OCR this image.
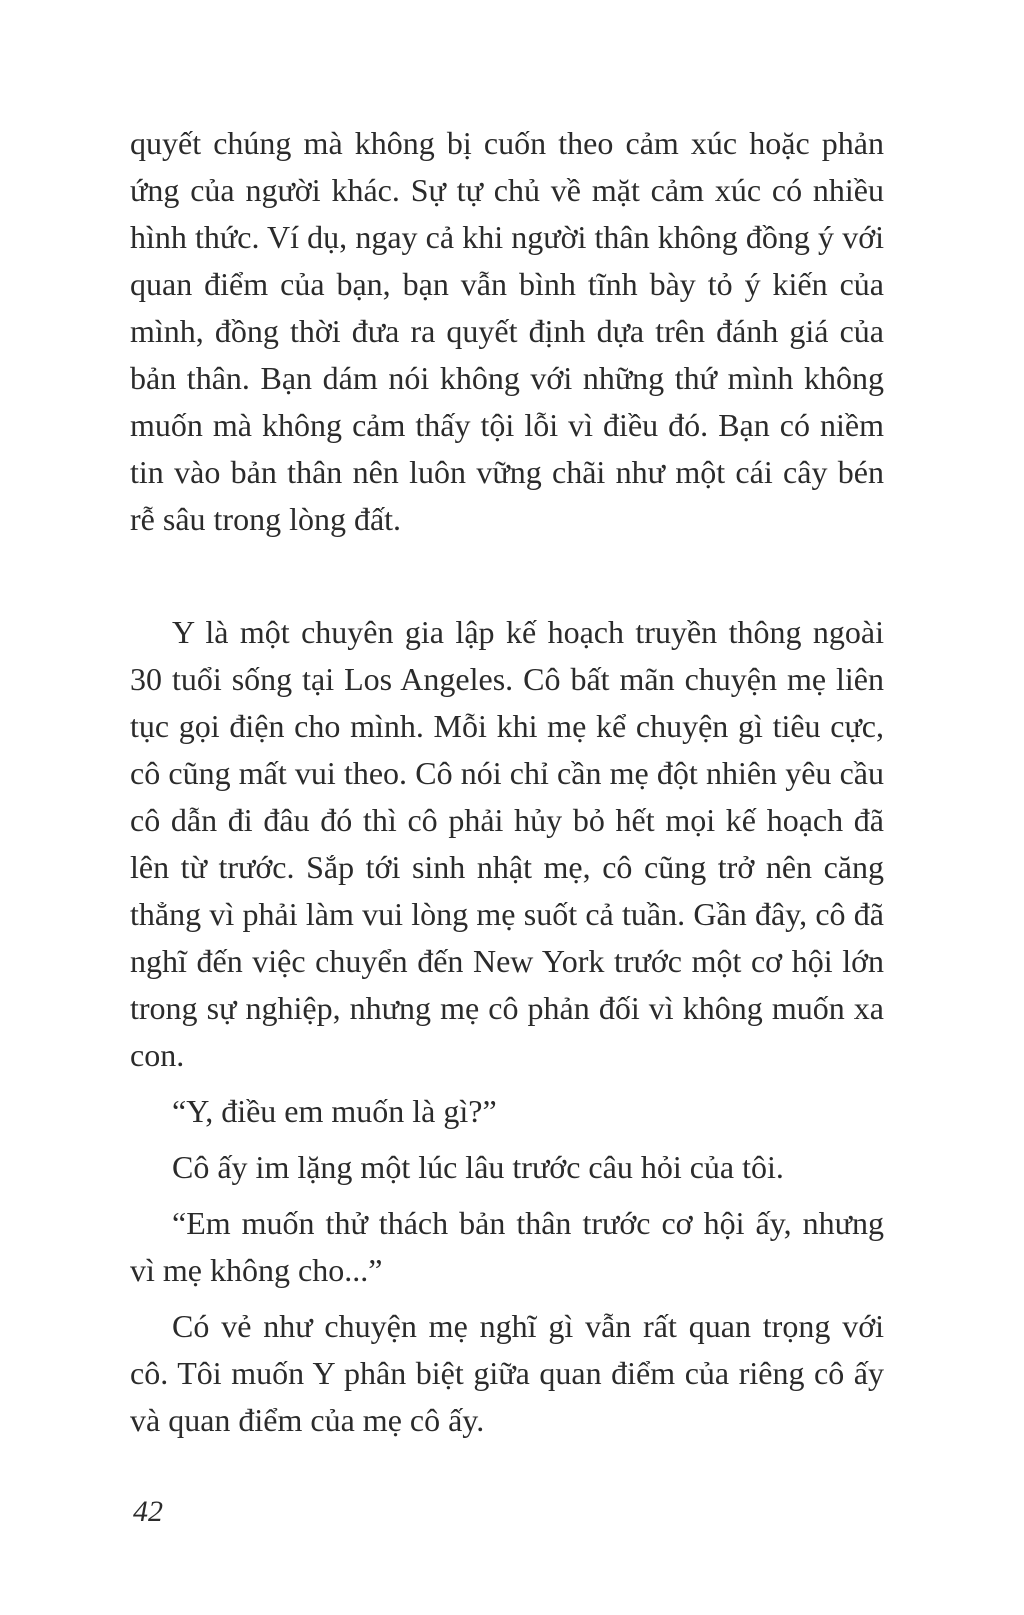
quyết chúng mà không bị cuốn theo cảm xúc hoặc phản ứng của người khác. Sự tự chủ về mặt cảm xúc có nhiều hình thức. Ví dụ, ngay cả khi người thân không đồng ý với quan điểm của bạn, bạn vẫn bình tĩnh bày tỏ ý kiến của mình, đồng thời đưa ra quyết định dựa trên đánh giá của bản thân. Bạn dám nói không với những thứ mình không muốn mà không cảm thấy tội lỗi vì điều đó. Bạn có niềm tin vào bản thân nên luôn vững chãi như một cái cây bén rễ sâu trong lòng đất.

Y là một chuyên gia lập kế hoạch truyền thông ngoài 30 tuổi sống tại Los Angeles. Cô bất mãn chuyện mẹ liên tục gọi điện cho mình. Mỗi khi mẹ kể chuyện gì tiêu cực, cô cũng mất vui theo. Cô nói chỉ cần mẹ đột nhiên yêu cầu cô dẫn đi đâu đó thì cô phải hủy bỏ hết mọi kế hoạch đã lên từ trước. Sắp tới sinh nhật mẹ, cô cũng trở nên căng thẳng vì phải làm vui lòng mẹ suốt cả tuần. Gần đây, cô đã nghĩ đến việc chuyển đến New York trước một cơ hội lớn trong sự nghiệp, nhưng mẹ cô phản đối vì không muốn xa con.

“Y, điều em muốn là gì?”

Cô ấy im lặng một lúc lâu trước câu hỏi của tôi.

“Em muốn thử thách bản thân trước cơ hội ấy, nhưng vì mẹ không cho...”

Có vẻ như chuyện mẹ nghĩ gì vẫn rất quan trọng với cô. Tôi muốn Y phân biệt giữa quan điểm của riêng cô ấy và quan điểm của mẹ cô ấy.

42
